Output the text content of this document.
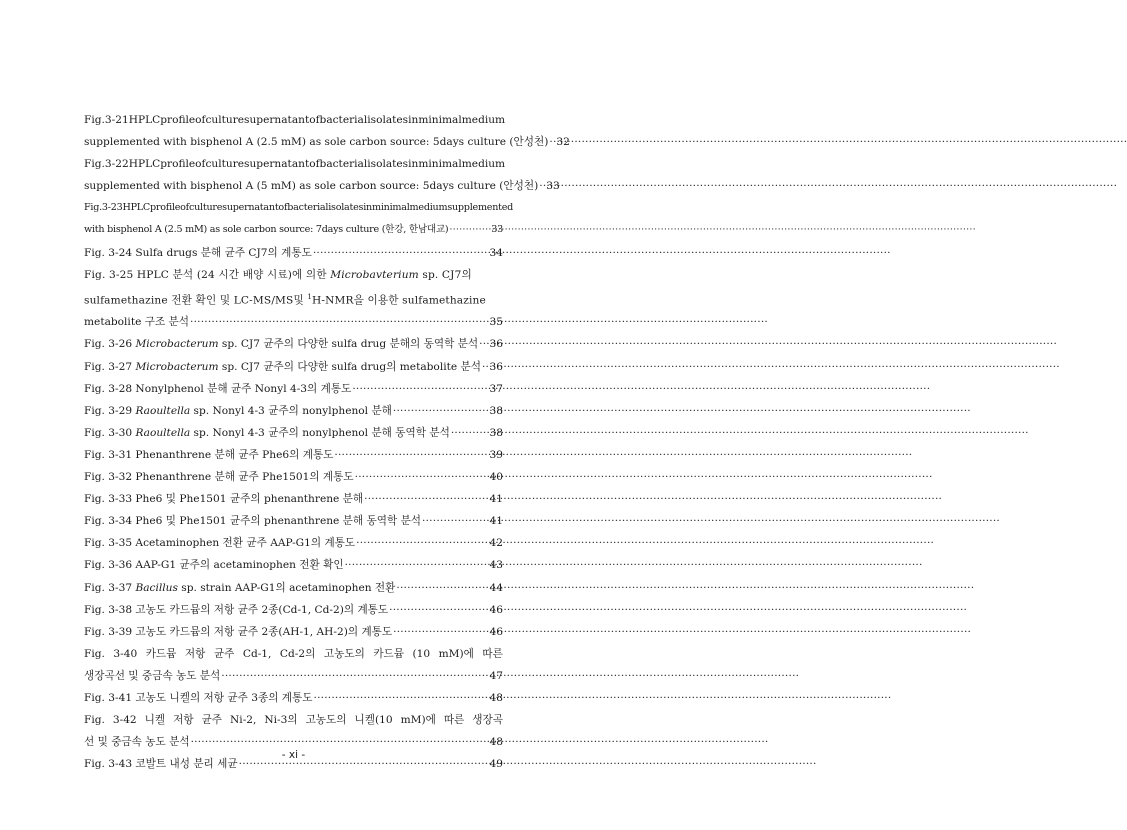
Fig. 3-21 HPLC profile of culture supernatant of bacterial isolates in minimal medium
supplemented with bisphenol A (2.5 mM) as sole carbon source: 5days culture (안성천) ····· 32
Fig. 3-22 HPLC profile of culture supernatant of bacterial isolates in minimal medium
supplemented with bisphenol A (5 mM) as sole carbon source: 5days culture (안성천) ····· 33
Fig. 3-23 HPLC profile of culture supernatant of bacterial isolates in minimal medium supplemented
with bisphenol A (2.5 mM) as sole carbon source: 7days culture (한강, 한남대교) ·····	33
Fig. 3-24 Sulfa drugs 분해 균주 CJ7의 계통도 ·····	34
Fig. 3-25 HPLC 분석 (24 시간 배양 시료)에 의한 Microbavterium sp. CJ7의
sulfamethazine 전환 확인 및 LC-MS/MS및 $^1$H-NMR을 이용한 sulfamethazine
metabolite 구조 분석 ·····	35
Fig. 3-26 Microbacterum sp. CJ7 균주의 다양한 sulfa drug 분해의 동역학 분석 ····· 36
Fig. 3-27 Microbacterum sp. CJ7 균주의 다양한 sulfa drug의 metabolite 분석 ····· 36
Fig. 3-28 Nonylphenol 분해 균주 Nonyl 4-3의 계통도 ·····	37
Fig. 3-29 Raoultella sp. Nonyl 4-3 균주의 nonylphenol 분해 ·····	38
Fig. 3-30 Raoultella sp. Nonyl 4-3 균주의 nonylphenol 분해 동역학 분석 ·····	38
Fig. 3-31 Phenanthrene 분해 균주 Phe6의 계통도 ·····	39
Fig. 3-32 Phenanthrene 분해 균주 Phe1501의 계통도 ·····	40
Fig. 3-33 Phe6 및 Phe1501 균주의 phenanthrene 분해 ·····	41
Fig. 3-34 Phe6 및 Phe1501 균주의 phenanthrene 분해 동역학 분석 ·····	41
Fig. 3-35 Acetaminophen 전환 균주 AAP-G1의 계통도 ·····	42
Fig. 3-36 AAP-G1 균주의 acetaminophen 전환 확인 ·····	43
Fig. 3-37 Bacillus sp. strain AAP-G1의 acetaminophen 전환 ·····	44
Fig. 3-38 고농도 카드뮴의 저항 균주 2종(Cd-1, Cd-2)의 계통도 ·····	46
Fig. 3-39 고농도 카드뮴의 저항 균주 2종(AH-1, AH-2)의 계통도 ·····	46
Fig. 3-40 카드뮴 저항 균주 Cd-1, Cd-2의 고농도의 카드뮴 (10 mM)에 따른
생장곡선 및 중금속 농도 분석 ·····	47
Fig. 3-41 고농도 니켈의 저항 균주 3종의 계통도 ·····	48
Fig. 3-42 니켈 저항 균주 Ni-2, Ni-3의 고농도의 니켈(10 mM)에 따른 생장곡
선 및 중금속 농도 분석 ·····	48
Fig. 3-43 코발트 내성 분리 세균 ·····	49
- xi -
